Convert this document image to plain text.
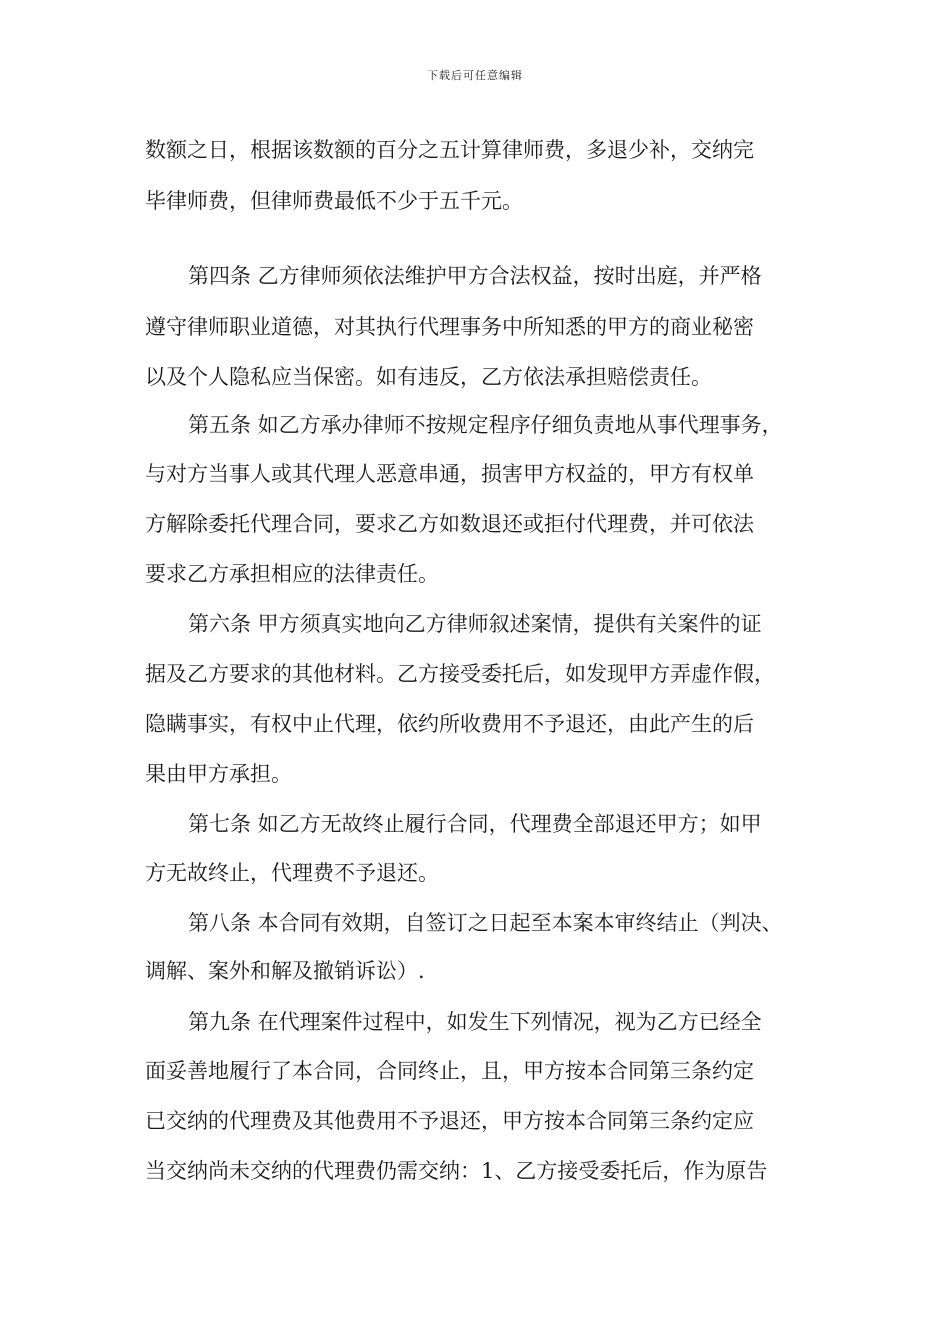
下载后可任意编辑
数额之日，根据该数额的百分之五计算律师费，多退少补，交纳完
毕律师费，但律师费最低不少于五千元。
第四条 乙方律师须依法维护甲方合法权益，按时出庭，并严格
遵守律师职业道德，对其执行代理事务中所知悉的甲方的商业秘密
以及个人隐私应当保密。如有违反，乙方依法承担赔偿责任。
第五条 如乙方承办律师不按规定程序仔细负责地从事代理事务，
与对方当事人或其代理人恶意串通，损害甲方权益的，甲方有权单
方解除委托代理合同，要求乙方如数退还或拒付代理费，并可依法
要求乙方承担相应的法律责任。
第六条 甲方须真实地向乙方律师叙述案情，提供有关案件的证
据及乙方要求的其他材料。乙方接受委托后，如发现甲方弄虚作假，
隐瞒事实，有权中止代理，依约所收费用不予退还，由此产生的后
果由甲方承担。
第七条 如乙方无故终止履行合同，代理费全部退还甲方；如甲
方无故终止，代理费不予退还。
第八条 本合同有效期，自签订之日起至本案本审终结止（判决、
调解、案外和解及撤销诉讼）.
第九条 在代理案件过程中，如发生下列情况，视为乙方已经全
面妥善地履行了本合同，合同终止，且，甲方按本合同第三条约定
已交纳的代理费及其他费用不予退还，甲方按本合同第三条约定应
当交纳尚未交纳的代理费仍需交纳：1、乙方接受委托后，作为原告
